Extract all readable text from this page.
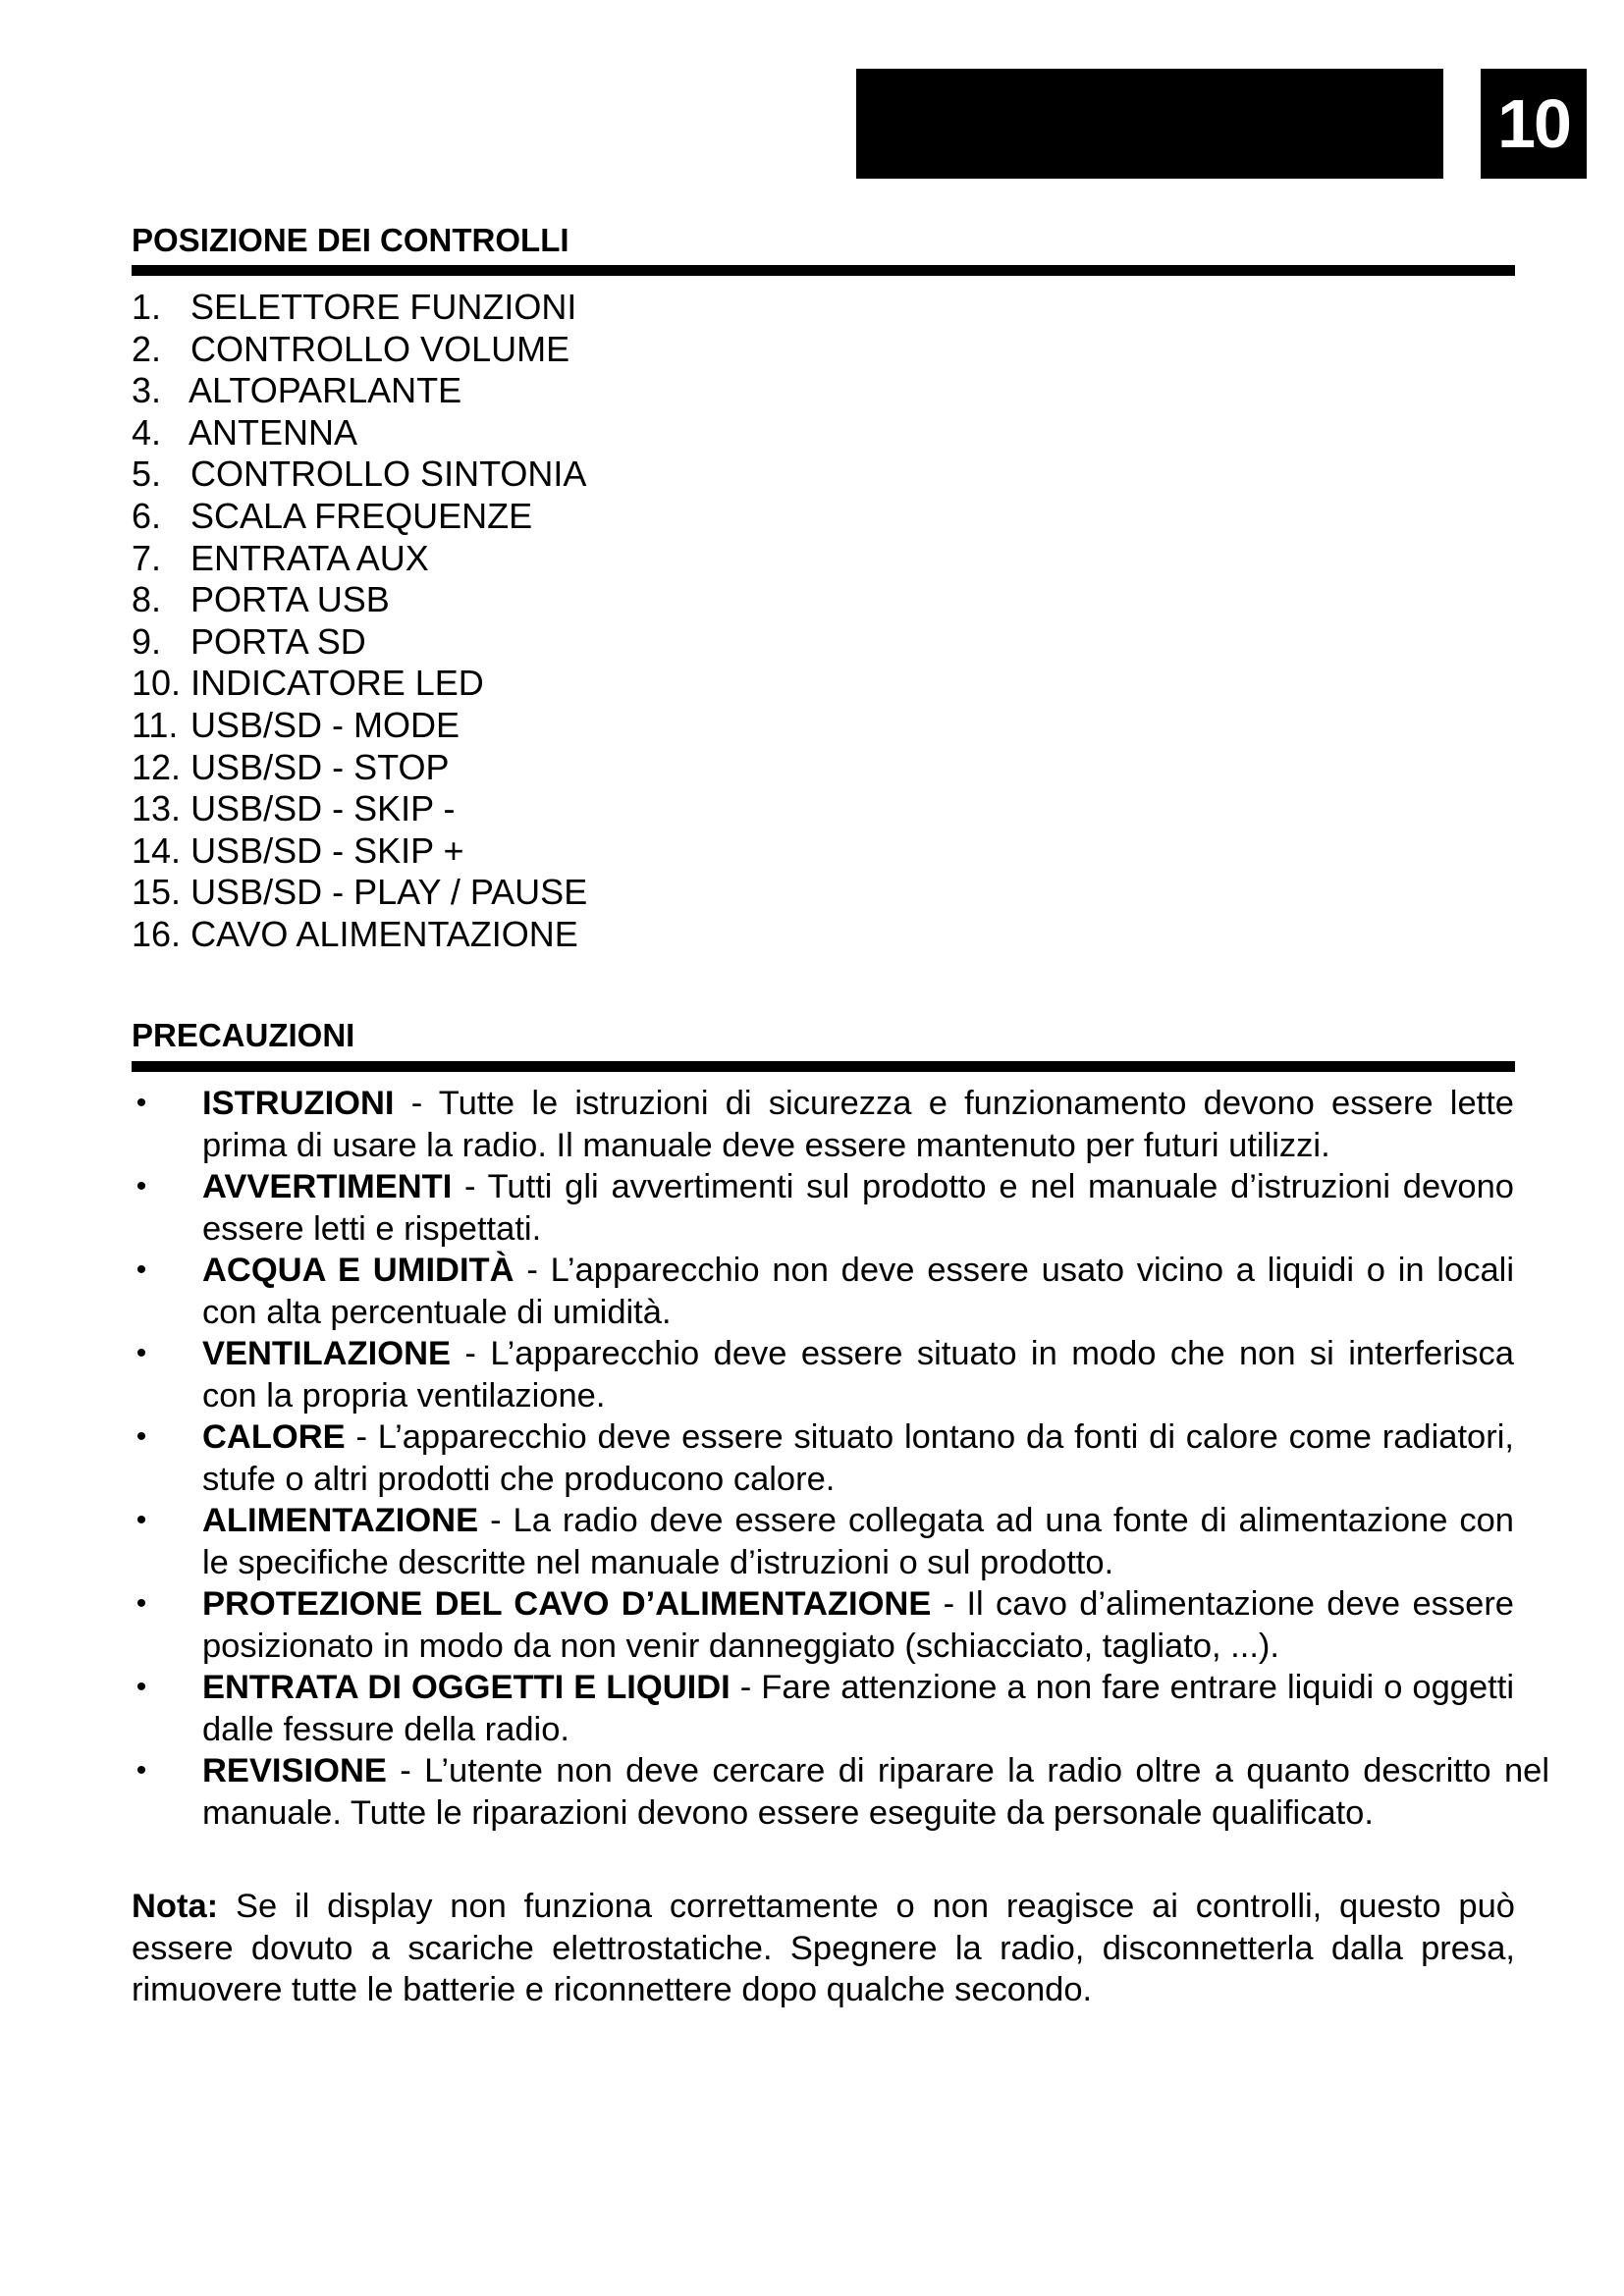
10
POSIZIONE DEI CONTROLLI
1. SELETTORE FUNZIONI
2. CONTROLLO VOLUME
3. ALTOPARLANTE
4. ANTENNA
5. CONTROLLO SINTONIA
6. SCALA FREQUENZE
7. ENTRATA AUX
8. PORTA USB
9. PORTA SD
10. INDICATORE LED
11. USB/SD - MODE
12. USB/SD - STOP
13. USB/SD - SKIP -
14. USB/SD - SKIP +
15. USB/SD - PLAY / PAUSE
16. CAVO ALIMENTAZIONE
PRECAUZIONI
• ISTRUZIONI - Tutte le istruzioni di sicurezza e funzionamento devono essere lette prima di usare la radio. Il manuale deve essere mantenuto per futuri utilizzi.
• AVVERTIMENTI - Tutti gli avvertimenti sul prodotto e nel manuale d’istruzioni devono essere letti e rispettati.
• ACQUA E UMIDITÀ - L’apparecchio non deve essere usato vicino a liquidi o in locali con alta percentuale di umidità.
• VENTILAZIONE - L’apparecchio deve essere situato in modo che non si interferisca con la propria ventilazione.
• CALORE - L’apparecchio deve essere situato lontano da fonti di calore come radiatori, stufe o altri prodotti che producono calore.
• ALIMENTAZIONE - La radio deve essere collegata ad una fonte di alimentazione con le specifiche descritte nel manuale d’istruzioni o sul prodotto.
• PROTEZIONE DEL CAVO D’ALIMENTAZIONE - Il cavo d’alimentazione deve essere posizionato in modo da non venir danneggiato (schiacciato, tagliato, ...).
• ENTRATA DI OGGETTI E LIQUIDI - Fare attenzione a non fare entrare liquidi o oggetti dalle fessure della radio.
• REVISIONE - L’utente non deve cercare di riparare la radio oltre a quanto descritto nel manuale. Tutte le riparazioni devono essere eseguite da personale qualificato.

Nota: Se il display non funziona correttamente o non reagisce ai controlli, questo può essere dovuto a scariche elettrostatiche. Spegnere la radio, disconnetterla dalla presa, rimuovere tutte le batterie e riconnettere dopo qualche secondo.
